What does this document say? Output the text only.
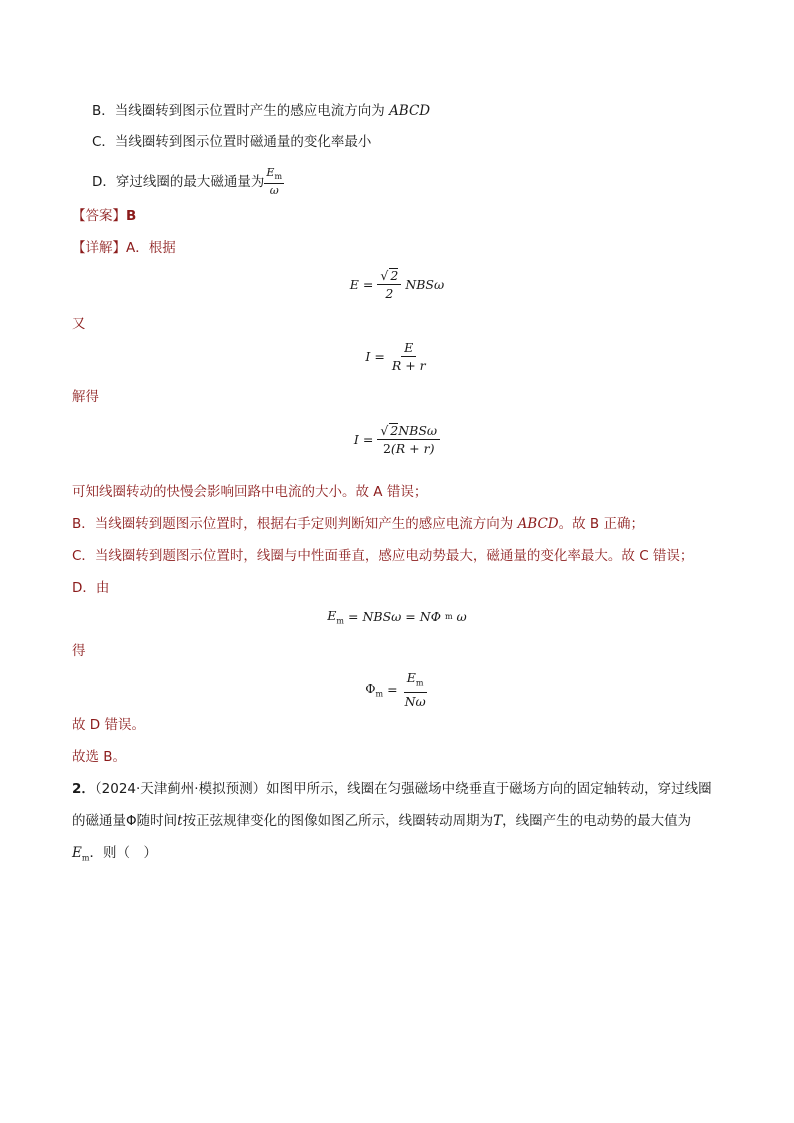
B．当线圈转到图示位置时产生的感应电流方向为 ABCD
C．当线圈转到图示位置时磁通量的变化率最小
D．穿过线圈的最大磁通量为 $\frac{E_m}{\omega}$
【答案】B
【详解】A．根据
$E = \frac{√ 2}{2}$ NBSω
又
$I = \frac{E}{R + r}$
解得
$I = \frac{\text{√ 2NBSω}}{2(R + r)}$
可知线圈转动的快慢会影响回路中电流的大小。故 A 错误；
B．当线圈转到题图示位置时，根据右手定则判断知产生的感应电流方向为 ABCD。故 B 正确；
C．当线圈转到题图示位置时，线圈与中性面垂直，感应电动势最大，磁通量的变化率最大。故 C 错误；
D．由
$E_m = NBS\omega = N\Phi$ m ω
得
$\Phi_m = \frac{E_m}{N\omega}$
故 D 错误。
故选 B。
2．（2024·天津蓟州·模拟预测）如图甲所示，线圈在匀强磁场中绕垂直于磁场方向的固定轴转动，穿过线圈
的磁通量Φ随时间t按正弦规律变化的图像如图乙所示，线圈转动周期为T，线圈产生的电动势的最大值为
$E_m$．则（　）
